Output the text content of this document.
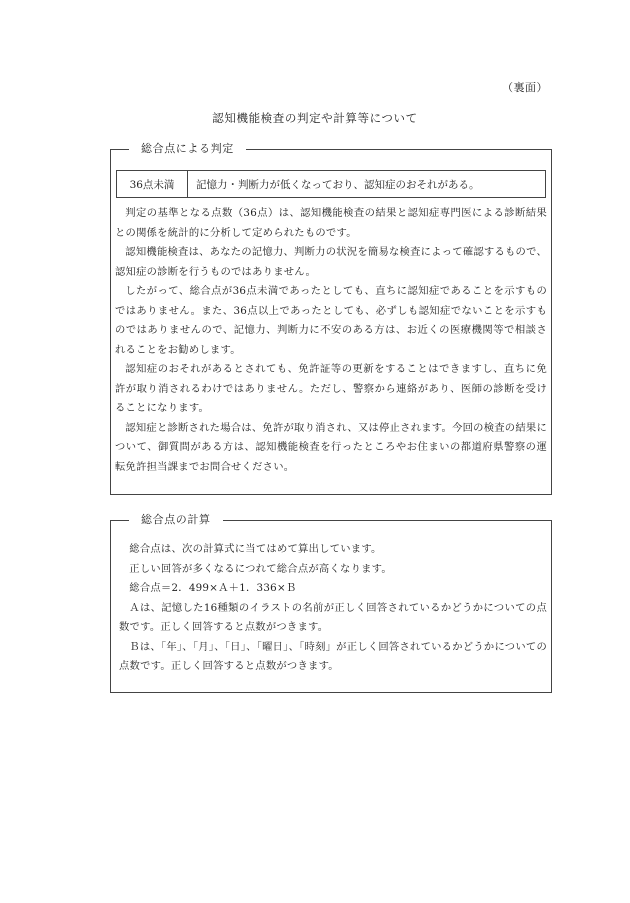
（裏面）
認知機能検査の判定や計算等について
総合点による判定
36点未満	記憶力・判断力が低くなっており、認知症のおそれがある。

判定の基準となる点数（36点）は、認知機能検査の結果と認知症専門医による診断結果との関係を統計的に分析して定められたものです。

認知機能検査は、あなたの記憶力、判断力の状況を簡易な検査によって確認するもので、認知症の診断を行うものではありません。

したがって、総合点が36点未満であったとしても、直ちに認知症であることを示すものではありません。また、36点以上であったとしても、必ずしも認知症でないことを示すものではありませんので、記憶力、判断力に不安のある方は、お近くの医療機関等で相談されることをお勧めします。

認知症のおそれがあるとされても、免許証等の更新をすることはできますし、直ちに免許が取り消されるわけではありません。ただし、警察から連絡があり、医師の診断を受けることになります。

認知症と診断された場合は、免許が取り消され、又は停止されます。今回の検査の結果について、御質問がある方は、認知機能検査を行ったところやお住まいの都道府県警察の運転免許担当課までお問合せください。

総合点の計算

総合点は、次の計算式に当てはめて算出しています。

正しい回答が多くなるにつれて総合点が高くなります。

総合点＝2．499×Ａ＋1．336×Ｂ

Ａは、記憶した16種類のイラストの名前が正しく回答されているかどうかについての点数です。正しく回答すると点数がつきます。

Ｂは、「年」、「月」、「日」、「曜日」、「時刻」が正しく回答されているかどうかについての点数です。正しく回答すると点数がつきます。
